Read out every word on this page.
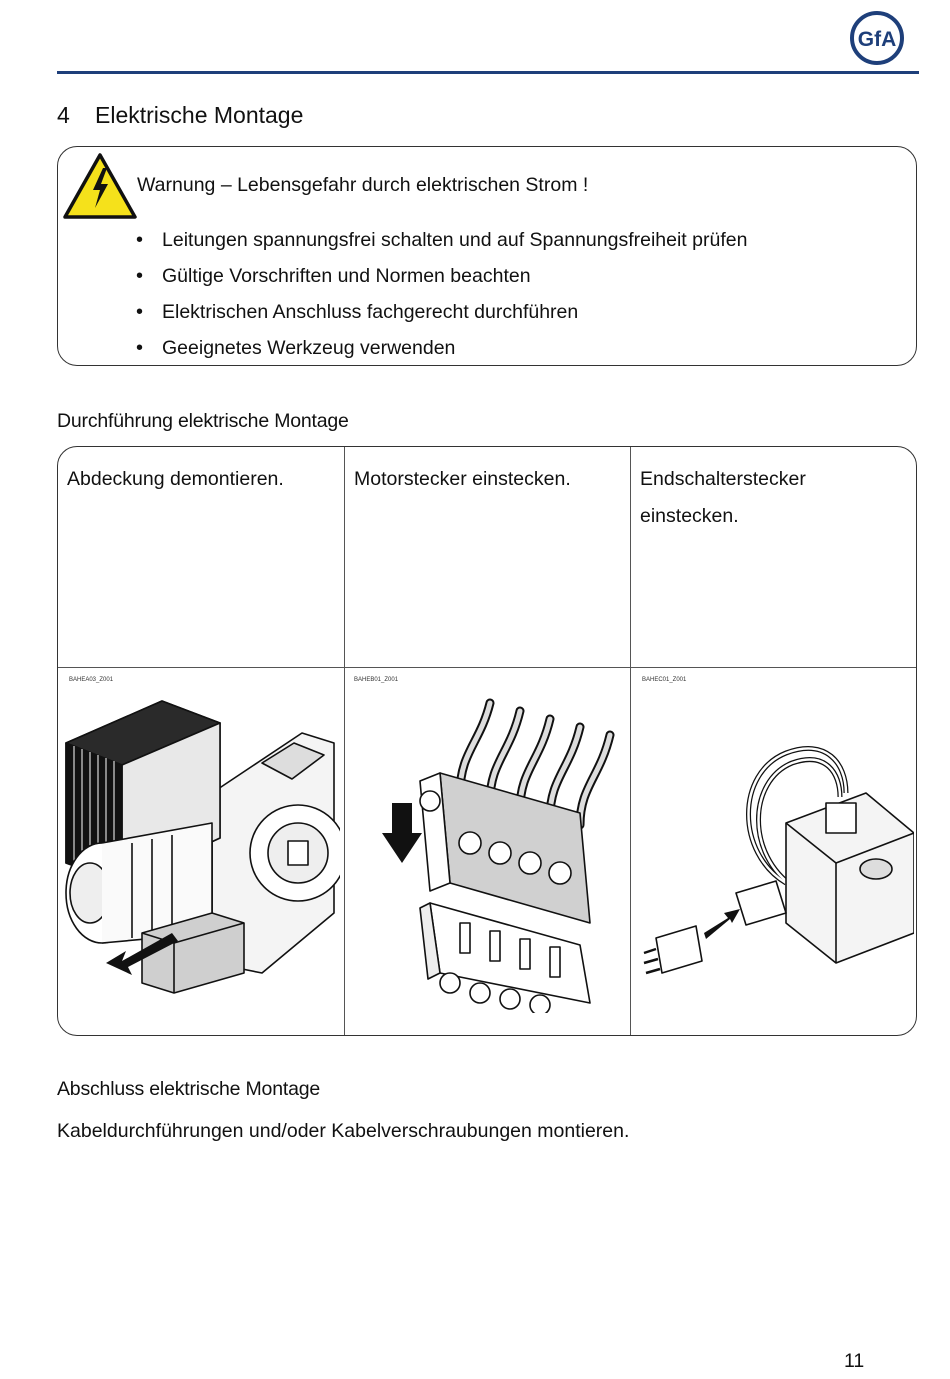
GfA
4 Elektrische Montage
Warnung – Lebensgefahr durch elektrischen Strom !
• Leitungen spannungsfrei schalten und auf Spannungsfreiheit prüfen
• Gültige Vorschriften und Normen beachten
• Elektrischen Anschluss fachgerecht durchführen
• Geeignetes Werkzeug verwenden
Durchführung elektrische Montage
Abdeckung demontieren.	Motorstecker einstecken.	Endschalterstecker einstecken.
BAHEA03_Z001	BAHEB01_Z001	BAHEC01_Z001
Abschluss elektrische Montage
Kabeldurchführungen und/oder Kabelverschraubungen montieren.
11
